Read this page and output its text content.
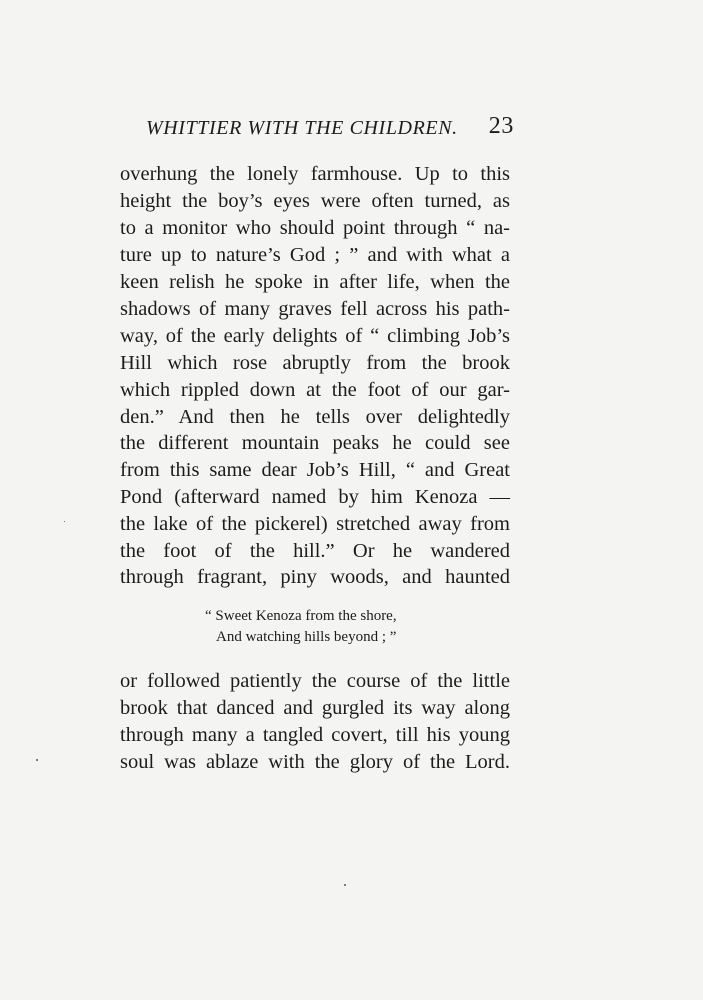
WHITTIER WITH THE CHILDREN. 23
overhung the lonely farmhouse. Up to this
height the boy’s eyes were often turned, as
to a monitor who should point through “ na-
ture up to nature’s God ; ” and with what a
keen relish he spoke in after life, when the
shadows of many graves fell across his path-
way, of the early delights of “ climbing Job’s
Hill which rose abruptly from the brook
which rippled down at the foot of our gar-
den.” And then he tells over delightedly
the different mountain peaks he could see
from this same dear Job’s Hill, “ and Great
Pond (afterward named by him Kenoza —
the lake of the pickerel) stretched away from
the foot of the hill.” Or he wandered
through fragrant, piny woods, and haunted
“ Sweet Kenoza from the shore,
And watching hills beyond ; ”
or followed patiently the course of the little
brook that danced and gurgled its way along
through many a tangled covert, till his young
soul was ablaze with the glory of the Lord.
